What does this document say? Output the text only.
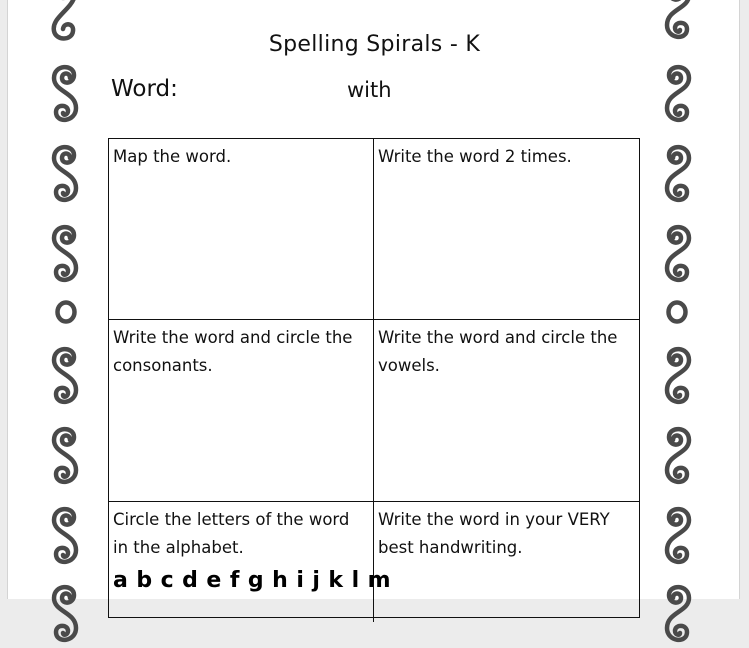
Spelling Spirals - K
Word:	with
Map the word.	Write the word 2 times.
Write the word and circle the consonants.
Write the word and circle the vowels.
Circle the letters of the word in the alphabet.
a b c d e f g h i j k l m
Write the word in your VERY best handwriting.
